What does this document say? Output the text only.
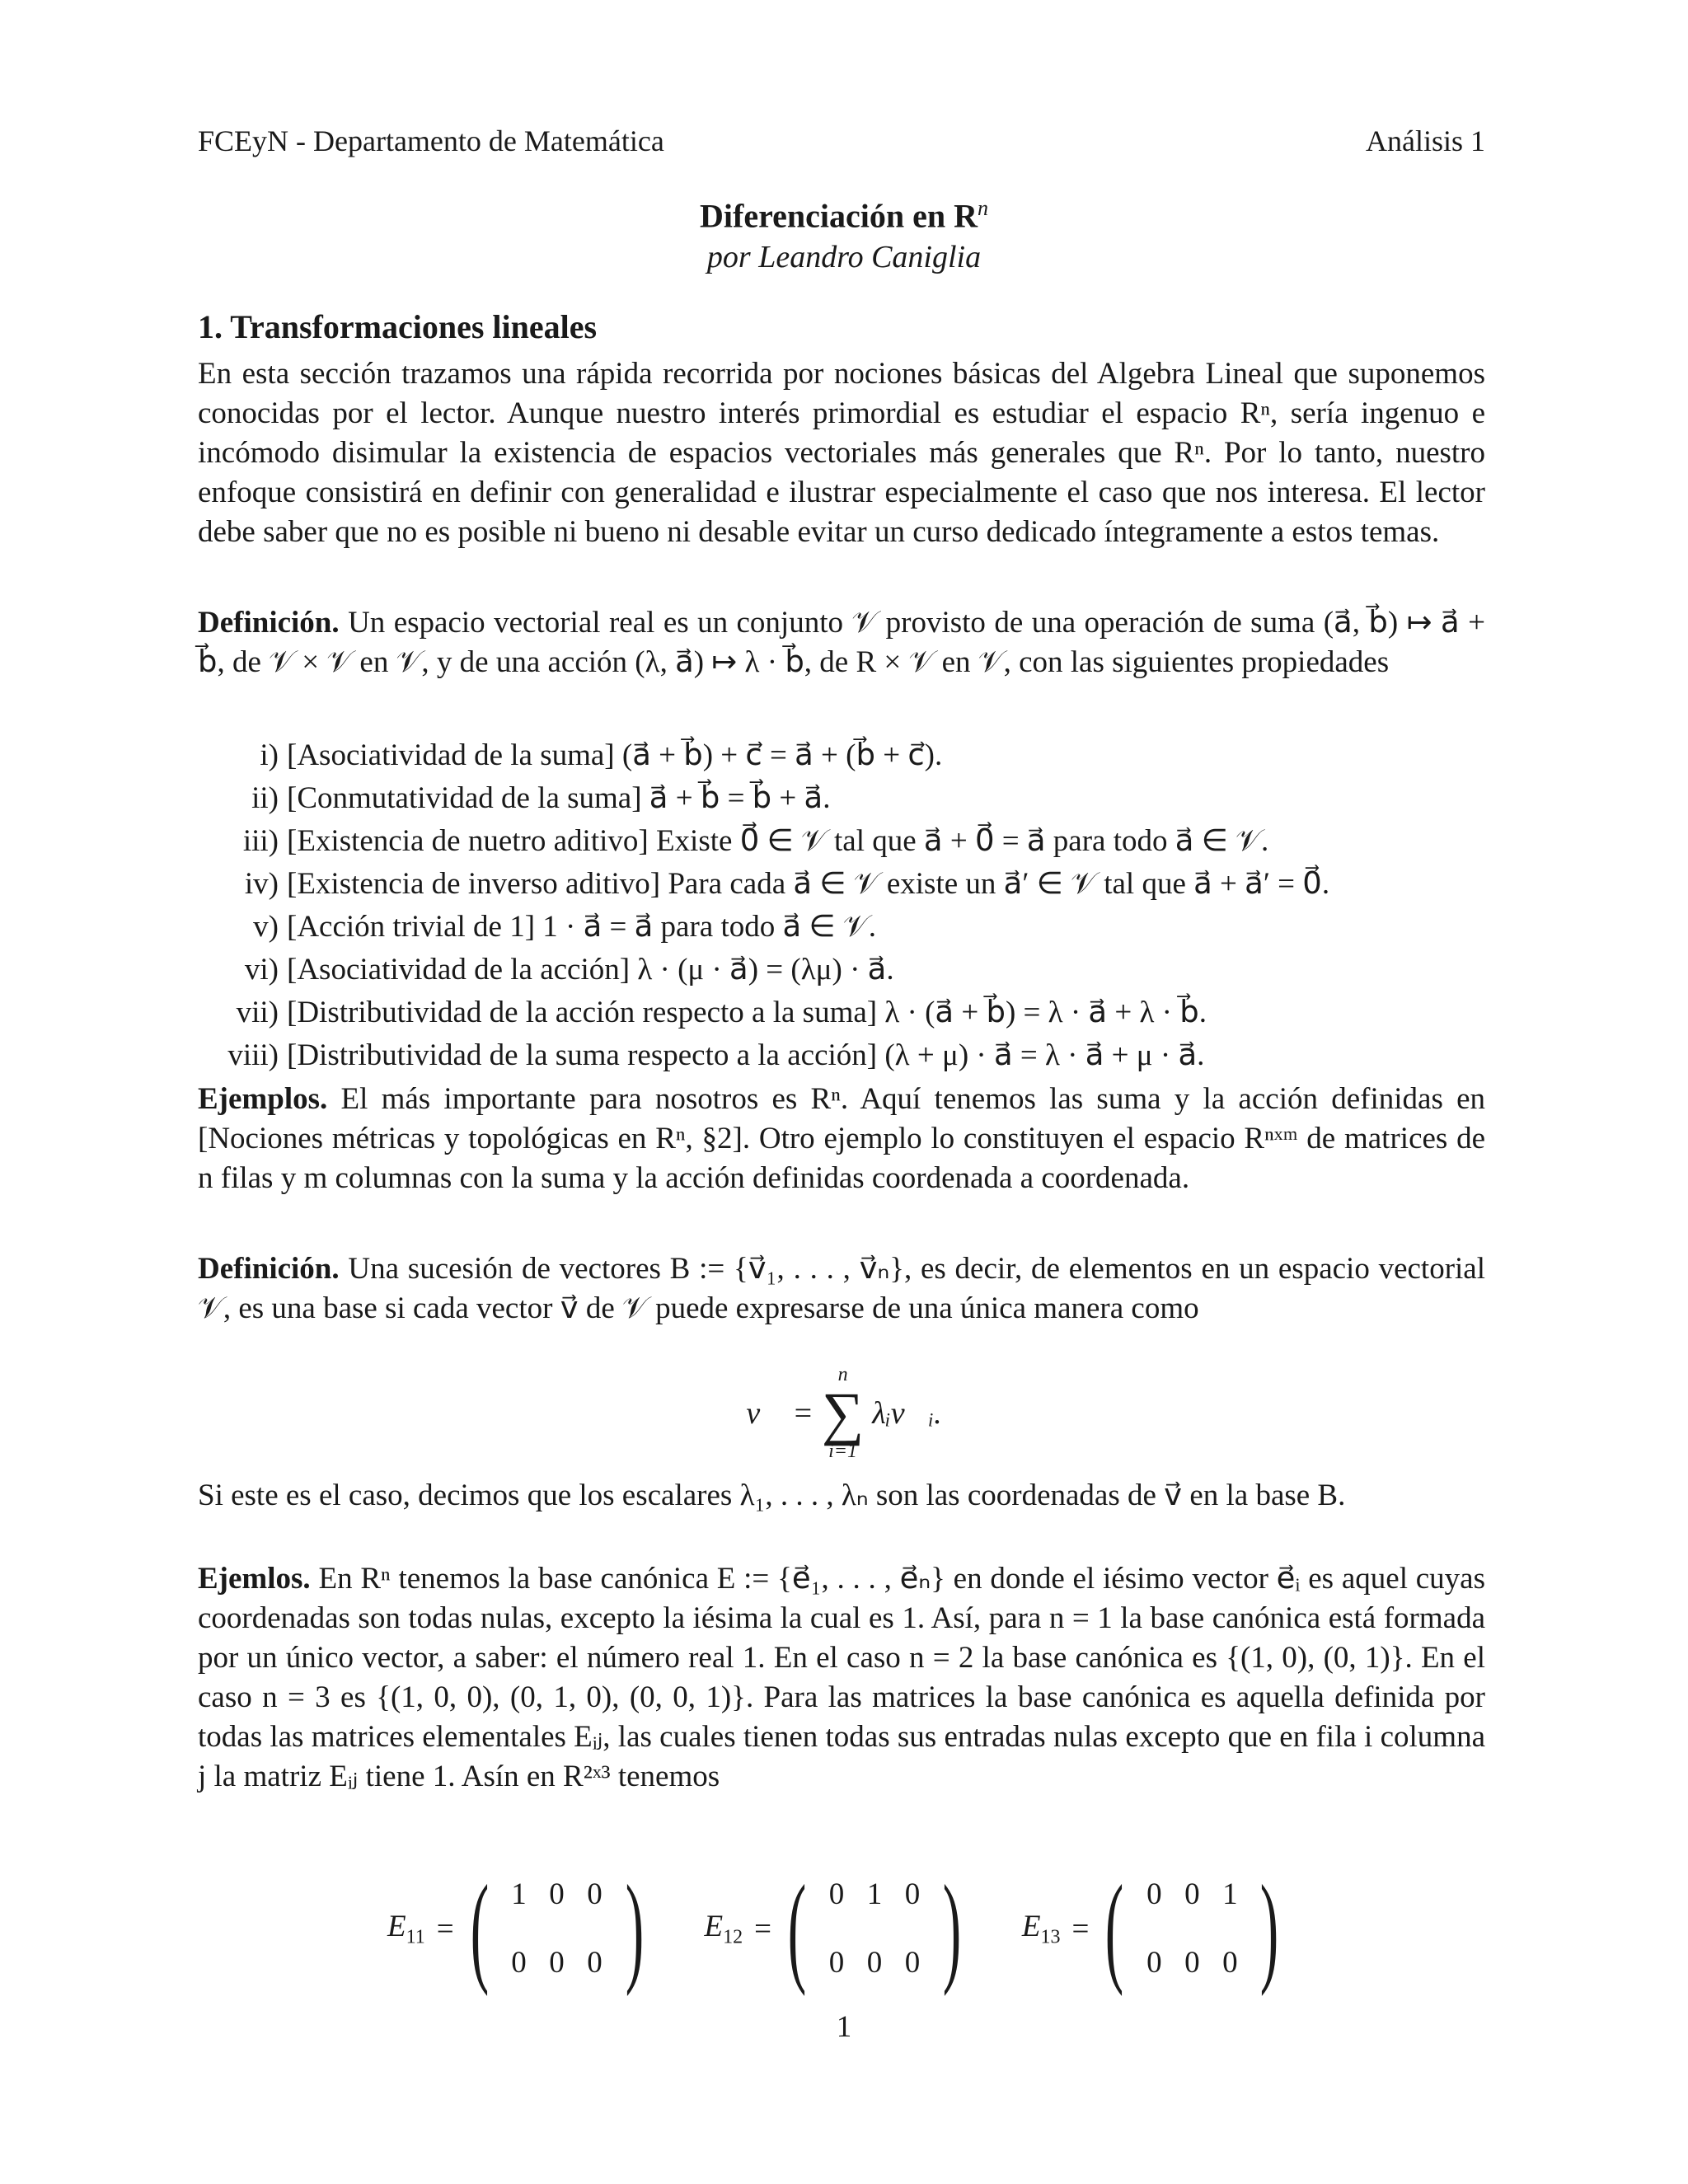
FCEyN - Departamento de Matemática	Análisis 1
Diferenciación en $R^n$
por Leandro Caniglia
1. Transformaciones lineales
En esta sección trazamos una rápida recorrida por nociones básicas del Algebra Lineal que suponemos conocidas por el lector. Aunque nuestro interés primordial es estudiar el espacio Rⁿ, sería ingenuo e incómodo disimular la existencia de espacios vectoriales más generales que Rⁿ. Por lo tanto, nuestro enfoque consistirá en definir con generalidad e ilustrar especialmente el caso que nos interesa. El lector debe saber que no es posible ni bueno ni desable evitar un curso dedicado íntegramente a estos temas.
Definición. Un espacio vectorial real es un conjunto 𝒱 provisto de una operación de suma (a⃗, b⃗) ↦ a⃗ + b⃗, de 𝒱 × 𝒱 en 𝒱, y de una acción (λ, a⃗) ↦ λ · b⃗, de R × 𝒱 en 𝒱, con las siguientes propiedades
i) [Asociatividad de la suma] (a⃗ + b⃗) + c⃗ = a⃗ + (b⃗ + c⃗).
ii) [Conmutatividad de la suma] a⃗ + b⃗ = b⃗ + a⃗.
iii) [Existencia de nuetro aditivo] Existe 0⃗ ∈ 𝒱 tal que a⃗ + 0⃗ = a⃗ para todo a⃗ ∈ 𝒱.
iv) [Existencia de inverso aditivo] Para cada a⃗ ∈ 𝒱 existe un a⃗′ ∈ 𝒱 tal que a⃗ + a⃗′ = 0⃗.
v) [Acción trivial de 1] 1 · a⃗ = a⃗ para todo a⃗ ∈ 𝒱.
vi) [Asociatividad de la acción] λ · (μ · a⃗) = (λμ) · a⃗.
vii) [Distributividad de la acción respecto a la suma] λ · (a⃗ + b⃗) = λ · a⃗ + λ · b⃗.
viii) [Distributividad de la suma respecto a la acción] (λ + μ) · a⃗ = λ · a⃗ + μ · a⃗.
Ejemplos. El más importante para nosotros es Rⁿ. Aquí tenemos las suma y la acción definidas en [Nociones métricas y topológicas en Rⁿ, §2]. Otro ejemplo lo constituyen el espacio Rⁿˣᵐ de matrices de n filas y m columnas con la suma y la acción definidas coordenada a coordenada.
Definición. Una sucesión de vectores B := {v⃗₁, . . . , v⃗ₙ}, es decir, de elementos en un espacio vectorial 𝒱, es una base si cada vector v⃗ de 𝒱 puede expresarse de una única manera como
v⃗ =
n
∑
i=1
λᵢv⃗ᵢ.
Si este es el caso, decimos que los escalares λ₁, . . . , λₙ son las coordenadas de v⃗ en la base B.
Ejemlos. En Rⁿ tenemos la base canónica E := {e⃗₁, . . . , e⃗ₙ} en donde el iésimo vector e⃗ᵢ es aquel cuyas coordenadas son todas nulas, excepto la iésima la cual es 1. Así, para n = 1 la base canónica está formada por un único vector, a saber: el número real 1. En el caso n = 2 la base canónica es {(1, 0), (0, 1)}. En el caso n = 3 es {(1, 0, 0), (0, 1, 0), (0, 0, 1)}. Para las matrices la base canónica es aquella definida por todas las matrices elementales Eᵢⱼ, las cuales tienen todas sus entradas nulas excepto que en fila i columna j la matriz Eᵢⱼ tiene 1. Asín en R²ˣ³ tenemos
$E_{11}$ = ( 1 0 0
0 0 0 ) $E_{12}$ = ( 0 1 0
0 0 0 ) $E_{13}$ = ( 0 0 1
0 0 0 )
1
